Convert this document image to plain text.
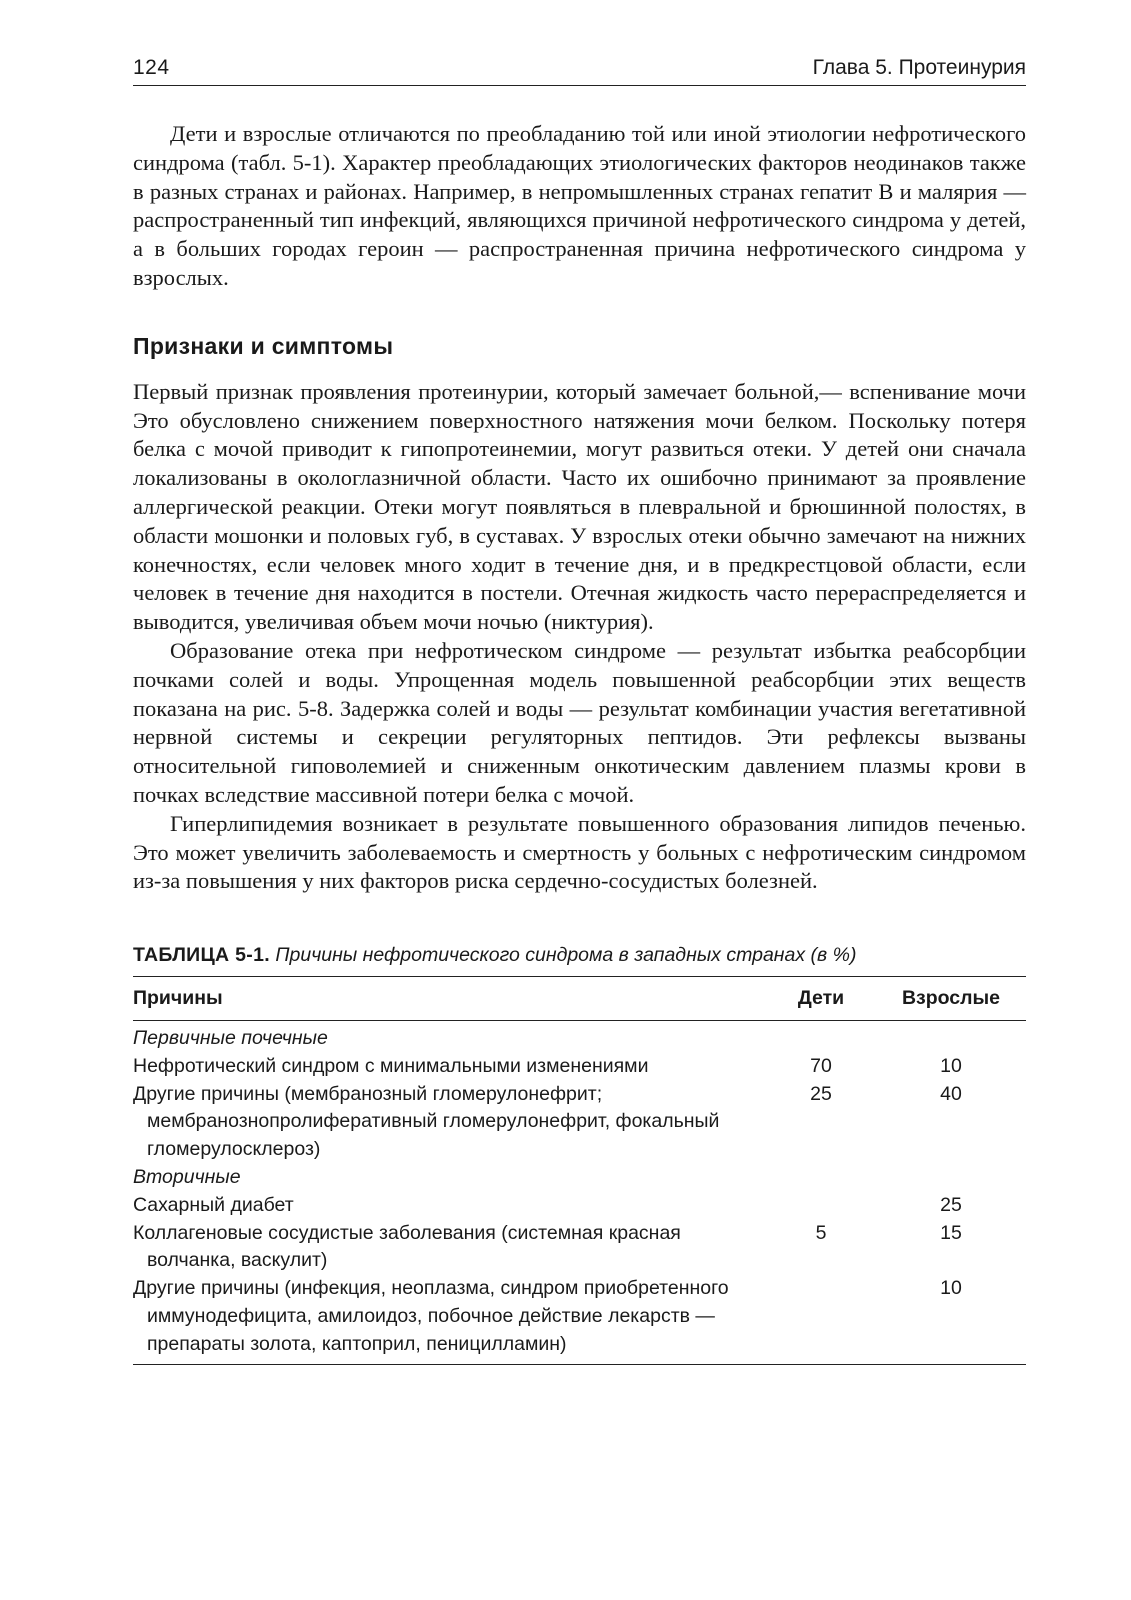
124	Глава 5. Протеинурия

Дети и взрослые отличаются по преобладанию той или иной этиологии нефротического синдрома (табл. 5-1). Характер преобладающих этиологических факторов неодинаков также в разных странах и районах. Например, в непромышленных странах гепатит В и малярия — распространенный тип инфекций, являющихся причиной нефротического синдрома у детей, а в больших городах героин — распространенная причина нефротического синдрома у взрослых.

Признаки и симптомы

Первый признак проявления протеинурии, который замечает больной,— вспенивание мочи Это обусловлено снижением поверхностного натяжения мочи белком. Поскольку потеря белка с мочой приводит к гипопротеинемии, могут развиться отеки. У детей они сначала локализованы в окологлазничной области. Часто их ошибочно принимают за проявление аллергической реакции. Отеки могут появляться в плевральной и брюшинной полостях, в области мошонки и половых губ, в суставах. У взрослых отеки обычно замечают на нижних конечностях, если человек много ходит в течение дня, и в предкрестцовой области, если человек в течение дня находится в постели. Отечная жидкость часто перераспределяется и выводится, увеличивая объем мочи ночью (никтурия).

Образование отека при нефротическом синдроме — результат избытка реабсорбции почками солей и воды. Упрощенная модель повышенной реабсорбции этих веществ показана на рис. 5-8. Задержка солей и воды — результат комбинации участия вегетативной нервной системы и секреции регуляторных пептидов. Эти рефлексы вызваны относительной гиповолемией и сниженным онкотическим давлением плазмы крови в почках вследствие массивной потери белка с мочой.

Гиперлипидемия возникает в результате повышенного образования липидов печенью. Это может увеличить заболеваемость и смертность у больных с нефротическим синдромом из-за повышения у них факторов риска сердечно-сосудистых болезней.

ТАБЛИЦА 5-1. Причины нефротического синдрома в западных странах (в %)
Причины	Дети	Взрослые
Первичные почечные		

Нефротический синдром с минимальными изменениями	70	10

Другие причины (мембранозный гломерулонефрит; мембранознопролиферативный гломерулонефрит, фокальный гломерулосклероз)	25	40
Вторичные		

Сахарный диабет		25

Коллагеновые сосудистые заболевания (системная красная волчанка, васкулит)	5	15

Другие причины (инфекция, неоплазма, синдром приобретенного иммунодефицита, амилоидоз, побочное действие лекарств — препараты золота, каптоприл, пеницилламин)		10
